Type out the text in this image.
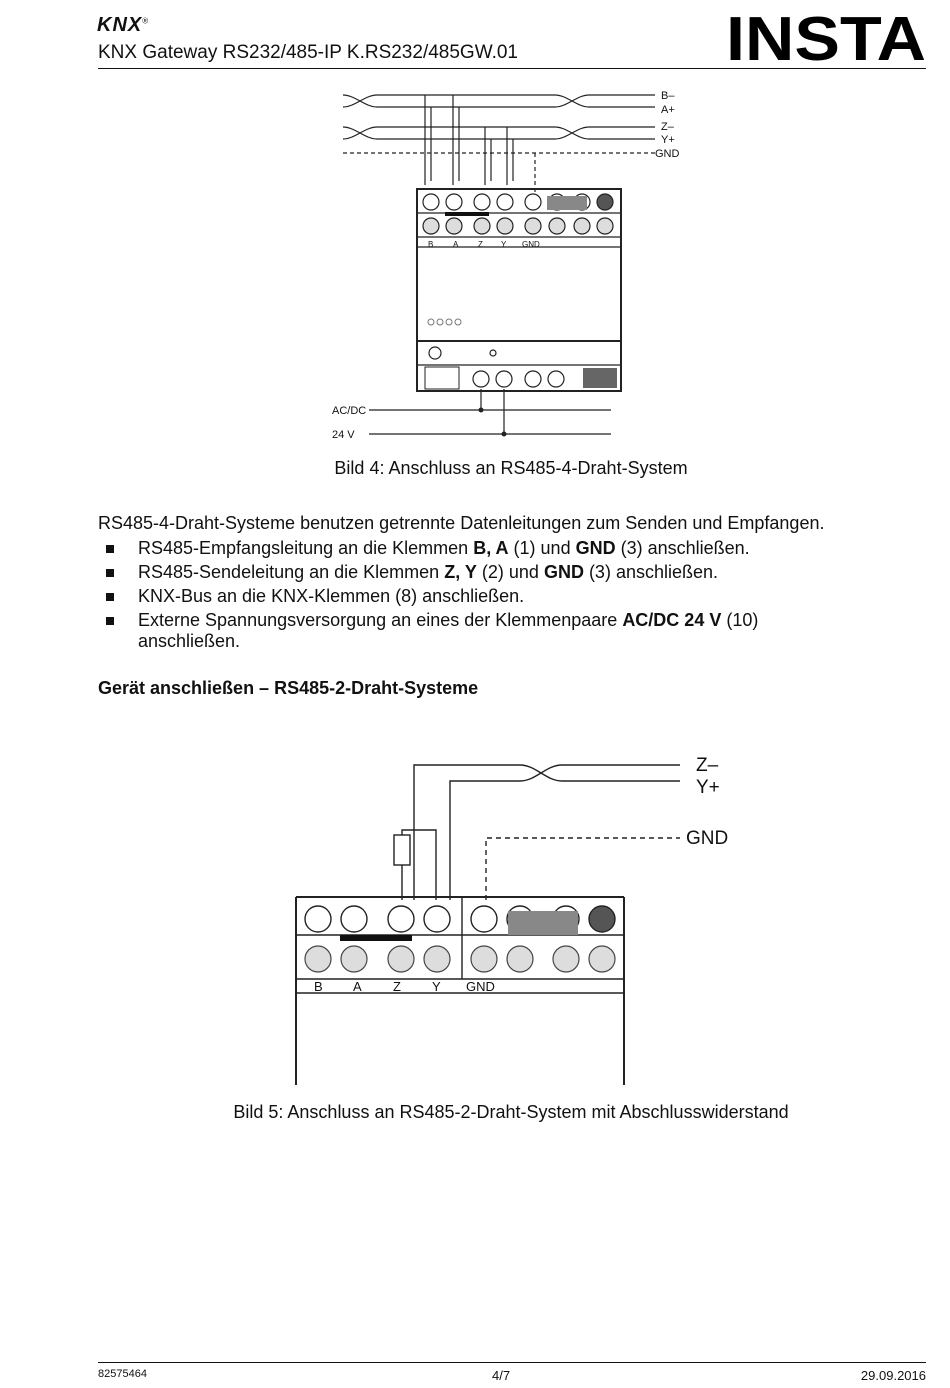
KNX®
KNX Gateway RS232/485-IP K.RS232/485GW.01	INSTA
B–
A+
Z–
Y+
GND
B A Z Y GND
AC/DC
24 V
Bild 4: Anschluss an RS485-4-Draht-System
RS485-4-Draht-Systeme benutzen getrennte Datenleitungen zum Senden und Empfangen.
RS485-Empfangsleitung an die Klemmen B, A (1) und GND (3) anschließen.
RS485-Sendeleitung an die Klemmen Z, Y (2) und GND (3) anschließen.
KNX-Bus an die KNX-Klemmen (8) anschließen.
Externe Spannungsversorgung an eines der Klemmenpaare AC/DC 24 V (10) anschließen.
Gerät anschließen – RS485-2-Draht-Systeme
B A Z Y GND
Z–
Y+
GND
Bild 5: Anschluss an RS485-2-Draht-System mit Abschlusswiderstand
82575464	4/7	29.09.2016
